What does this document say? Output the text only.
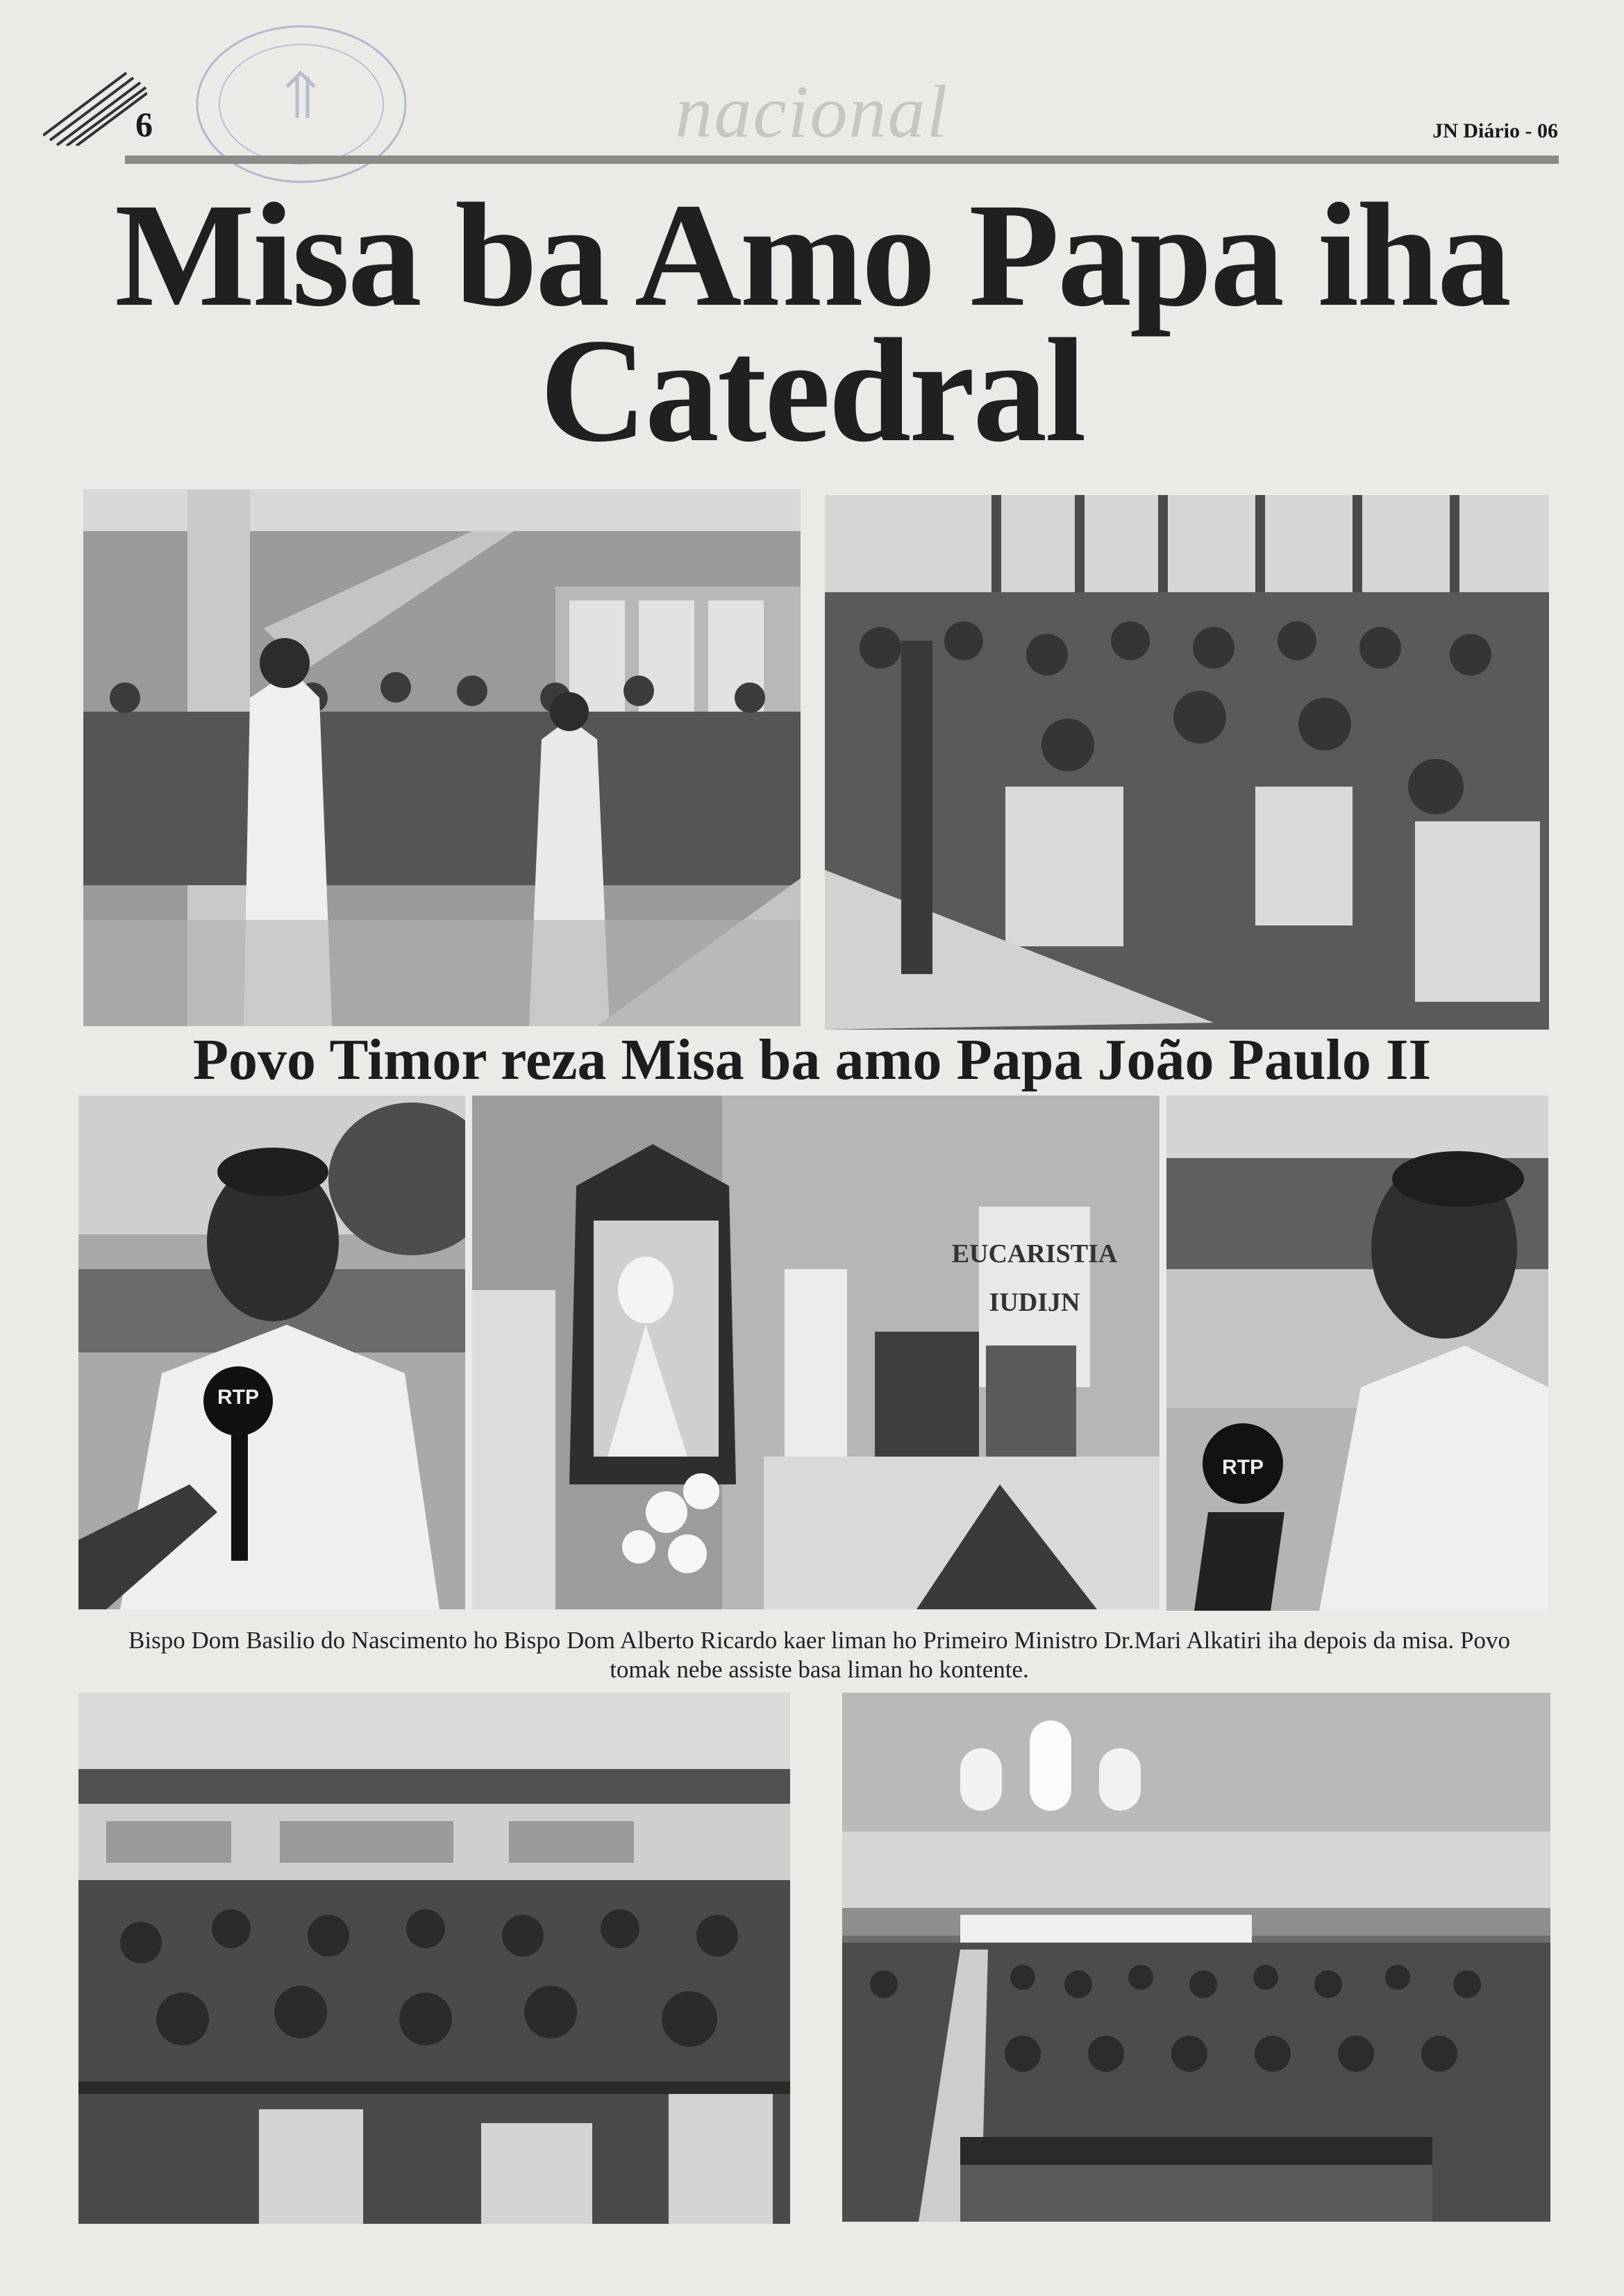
6	nacional	JN Diário - 06
Misa ba Amo Papa iha
Catedral
Povo Timor reza Misa ba amo Papa João Paulo II
RTP
EUCARISTIA
IUDIJN
RTP
Bispo Dom Basilio do Nascimento ho Bispo Dom Alberto Ricardo kaer liman ho Primeiro Ministro Dr.Mari Alkatiri iha depois da misa. Povo tomak nebe assiste basa liman ho kontente.
